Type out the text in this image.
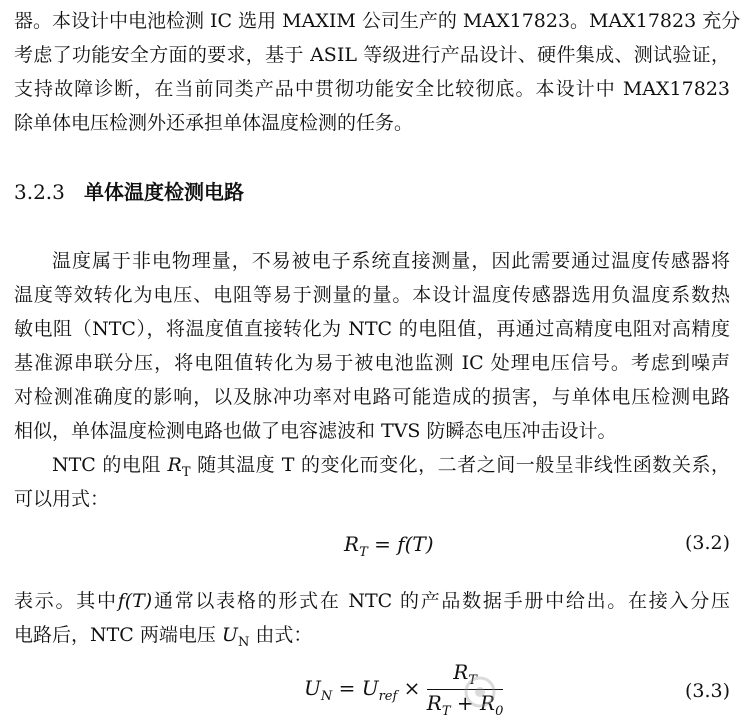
器。本设计中电池检测 IC 选用 MAXIM 公司生产的 MAX17823。MAX17823 充分
考虑了功能安全方面的要求，基于 ASIL 等级进行产品设计、硬件集成、测试验证，
支持故障诊断，在当前同类产品中贯彻功能安全比较彻底。本设计中 MAX17823
除单体电压检测外还承担单体温度检测的任务。
3.2.3 单体温度检测电路
温度属于非电物理量，不易被电子系统直接测量，因此需要通过温度传感器将
温度等效转化为电压、电阻等易于测量的量。本设计温度传感器选用负温度系数热
敏电阻（NTC），将温度值直接转化为 NTC 的电阻值，再通过高精度电阻对高精度
基准源串联分压，将电阻值转化为易于被电池监测 IC 处理电压信号。考虑到噪声
对检测准确度的影响，以及脉冲功率对电路可能造成的损害，与单体电压检测电路
相似，单体温度检测电路也做了电容滤波和 TVS 防瞬态电压冲击设计。
NTC 的电阻 $R_T$ 随其温度 T 的变化而变化，二者之间一般呈非线性函数关系，
可以用式：
$R_T = f(T)$	(3.2)
表示。其中f(T)通常以表格的形式在 NTC 的产品数据手册中给出。在接入分压
电路后，NTC 两端电压 $U_N$ 由式：
$U_N = U_{ref} \times \frac{R_T}{R_T + R_0}$	(3.3)
